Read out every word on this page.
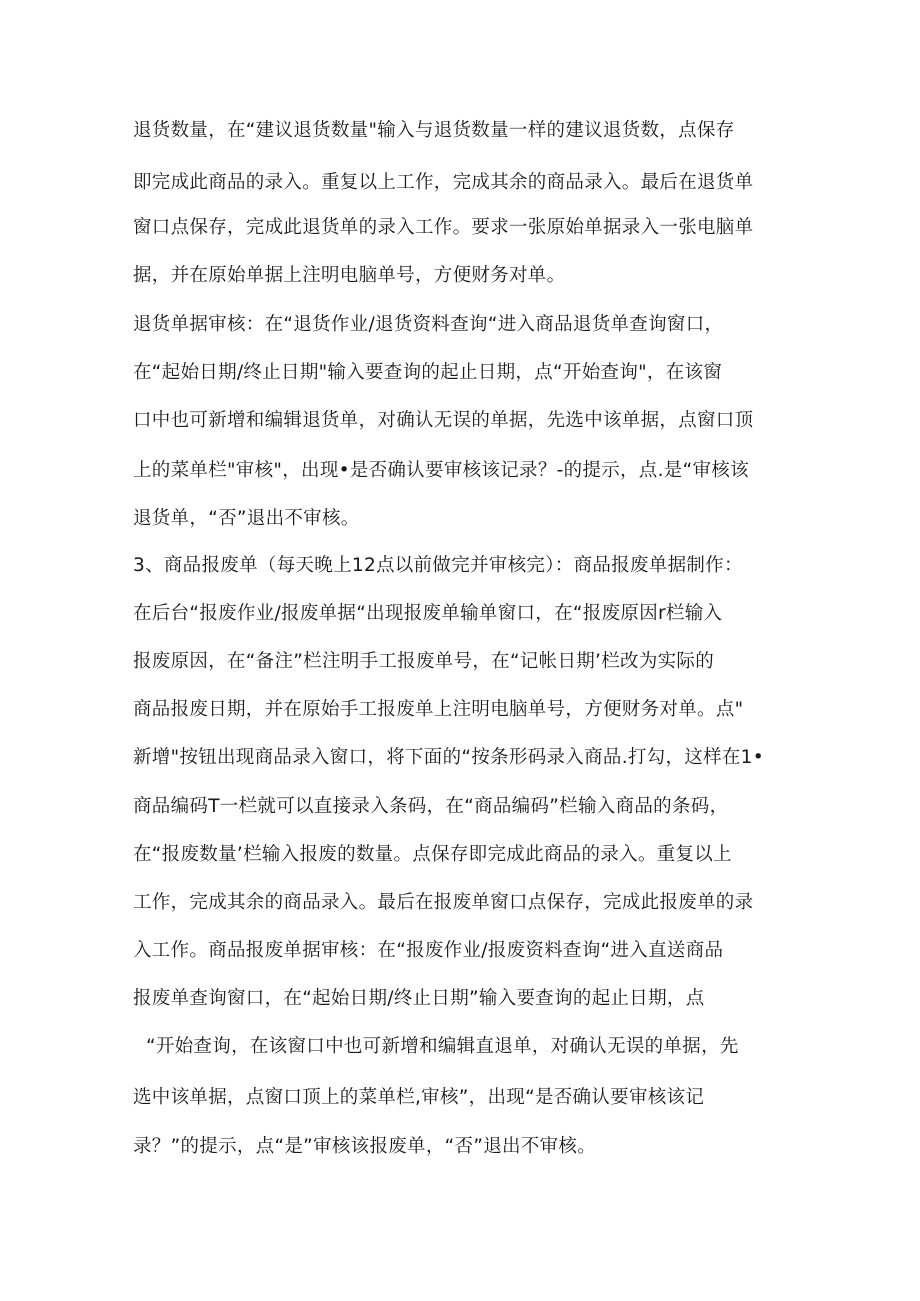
退货数量，在“建议退货数量"输入与退货数量一样的建议退货数，点保存
即完成此商品的录入。重复以上工作，完成其余的商品录入。最后在退货单
窗口点保存，完成此退货单的录入工作。要求一张原始单据录入一张电脑单
据，并在原始单据上注明电脑单号，方便财务对单。
退货单据审核：在“退货作业/退货资料查询“进入商品退货单查询窗口，
在“起始日期/终止日期"输入要查询的起止日期，点“开始查询"，在该窗
口中也可新增和编辑退货单，对确认无误的单据，先选中该单据，点窗口顶
上的菜单栏"审核"，出现•是否确认要审核该记录？-的提示，点.是“审核该
退货单，“否”退出不审核。
3、商品报废单（每天晚上12点以前做完并审核完）：商品报废单据制作：
在后台“报废作业/报废单据“出现报废单输单窗口，在“报废原因r栏输入
报废原因，在“备注”栏注明手工报废单号，在“记帐日期’栏改为实际的
商品报废日期，并在原始手工报废单上注明电脑单号，方便财务对单。点"
新增"按钮出现商品录入窗口，将下面的“按条形码录入商品.打勾，这样在1•
商品编码T一栏就可以直接录入条码，在“商品编码”栏输入商品的条码，
在“报废数量’栏输入报废的数量。点保存即完成此商品的录入。重复以上
工作，完成其余的商品录入。最后在报废单窗口点保存，完成此报废单的录
入工作。商品报废单据审核：在“报废作业/报废资料查询“进入直送商品
报废单查询窗口，在“起始日期/终止日期”输入要查询的起止日期，点
“开始查询，在该窗口中也可新增和编辑直退单，对确认无误的单据，先
选中该单据，点窗口顶上的菜单栏,审核”，出现“是否确认要审核该记
录？”的提示，点“是”审核该报废单，“否”退出不审核。
